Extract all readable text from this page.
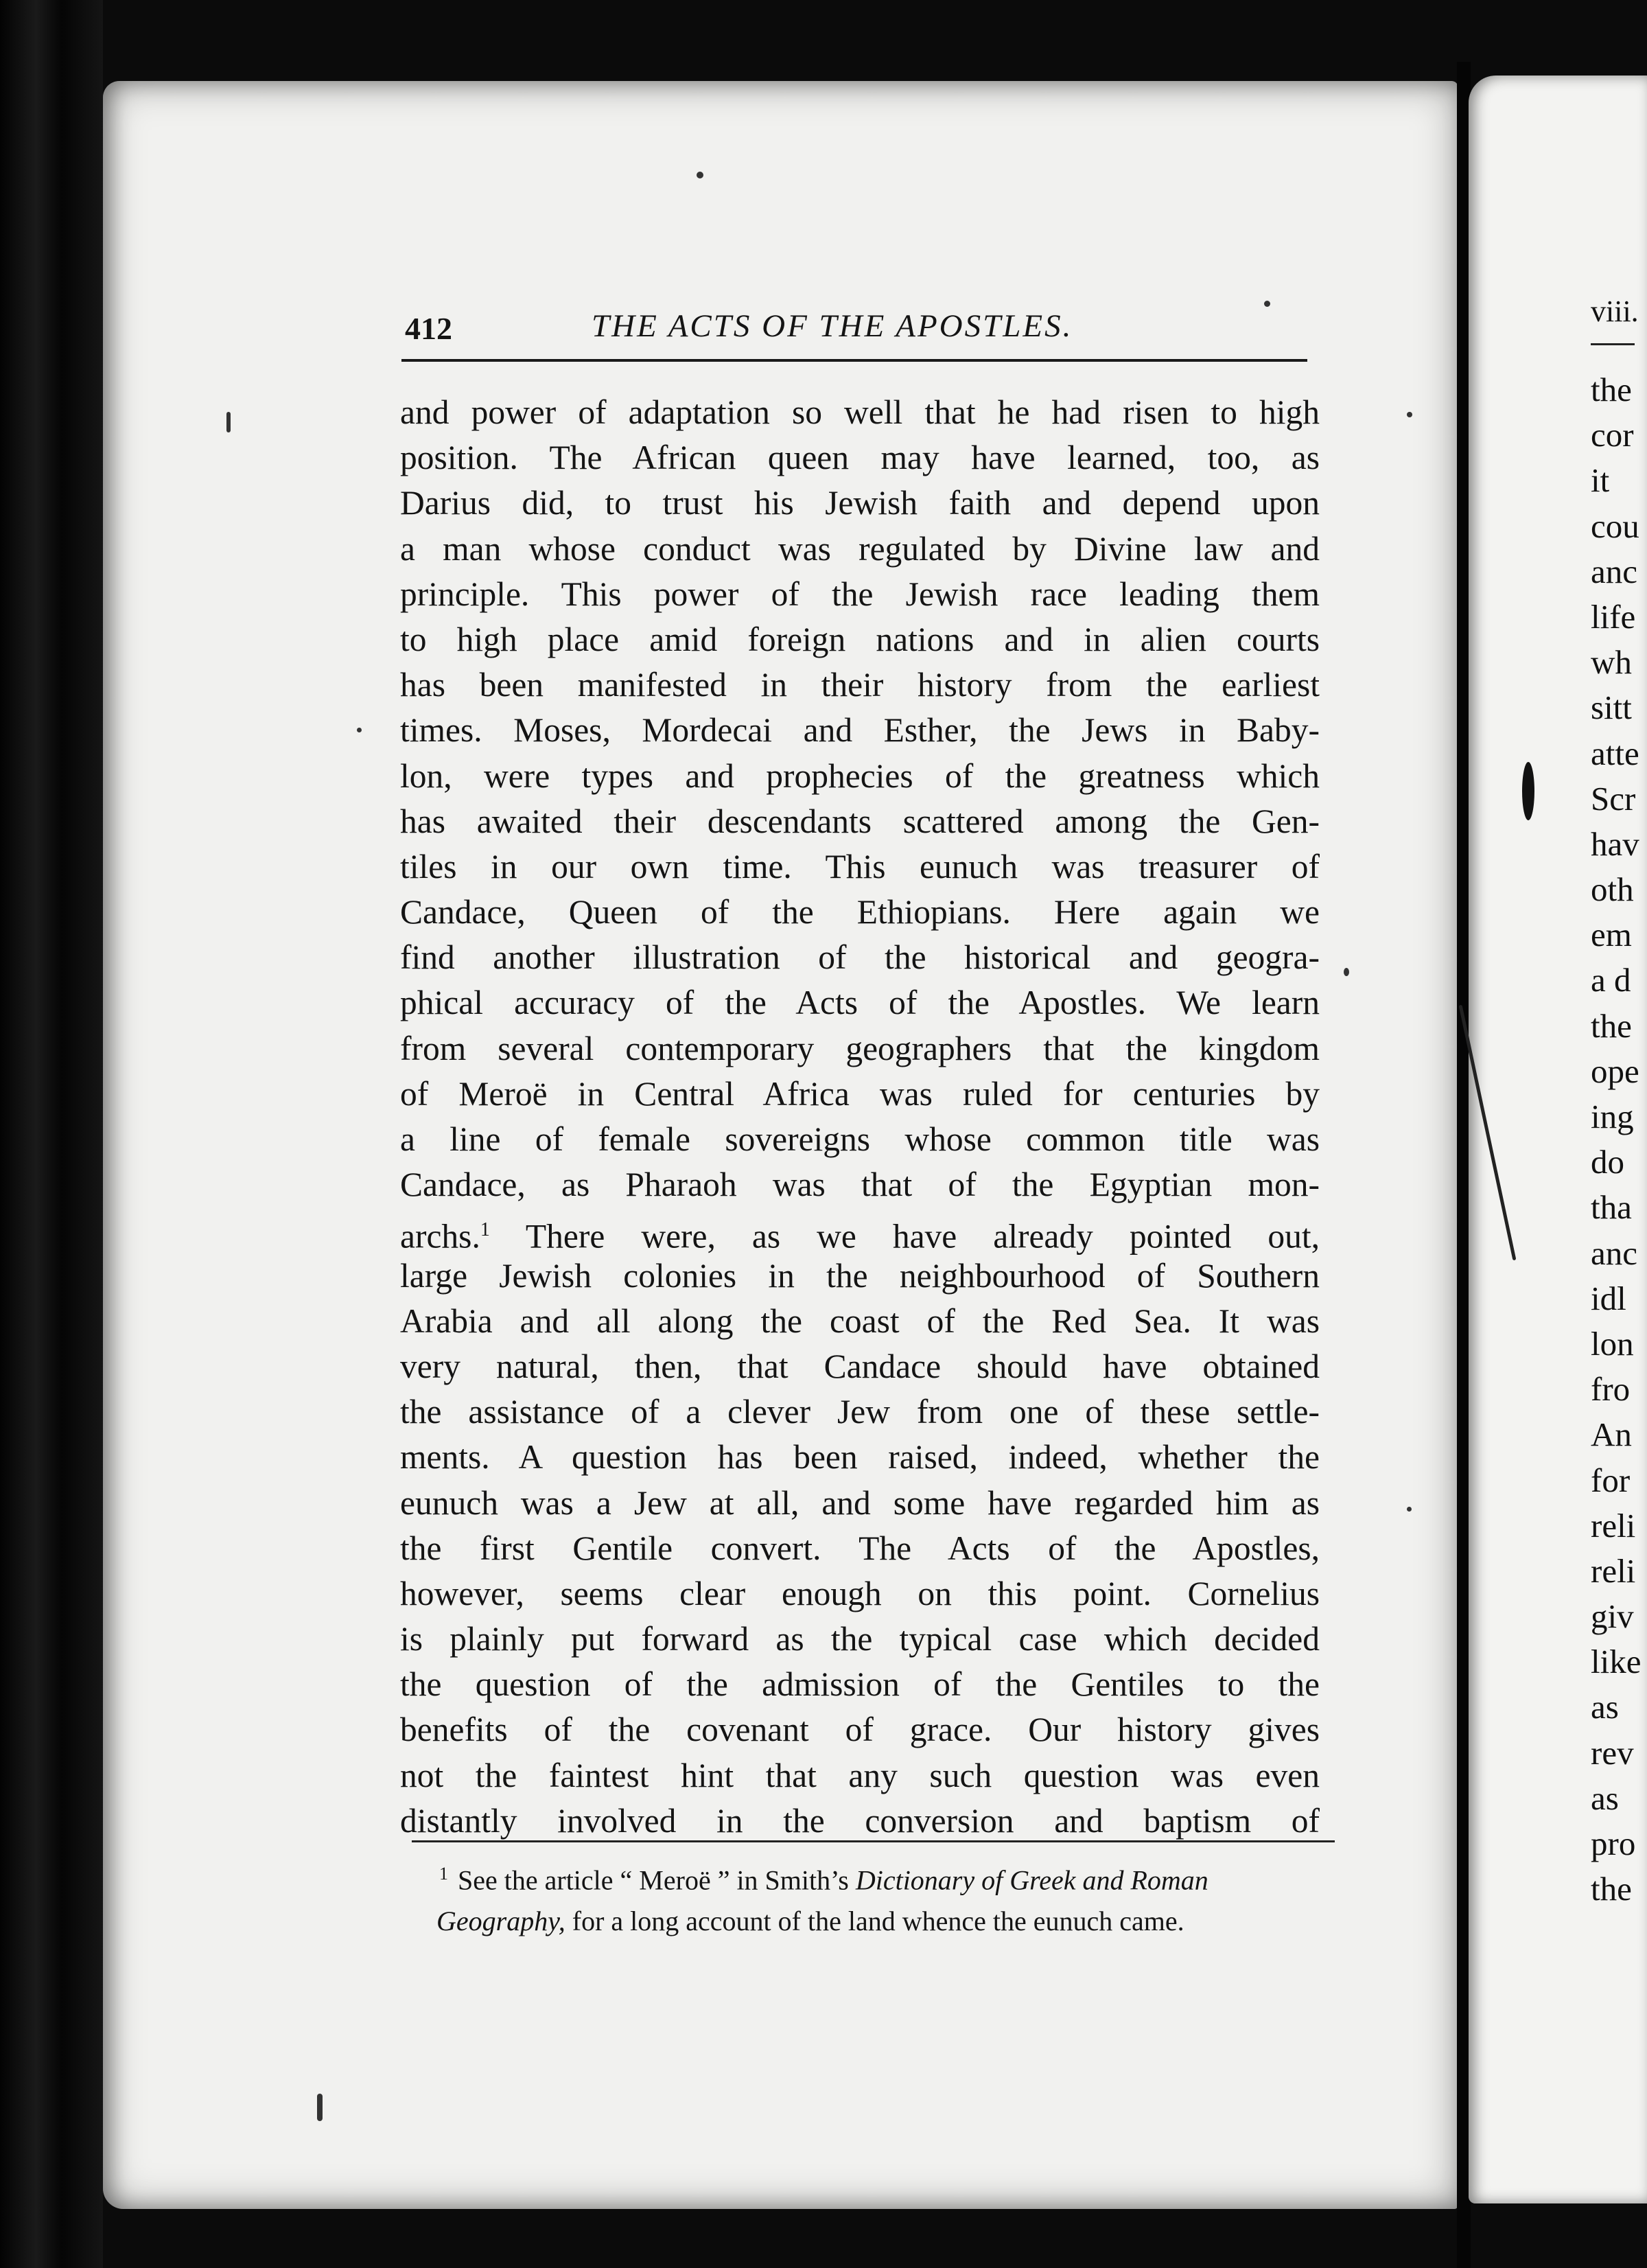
412	THE ACTS OF THE APOSTLES.
and power of adaptation so well that he had risen to high
position. The African queen may have learned, too, as
Darius did, to trust his Jewish faith and depend upon
a man whose conduct was regulated by Divine law and
principle. This power of the Jewish race leading them
to high place amid foreign nations and in alien courts
has been manifested in their history from the earliest
times. Moses, Mordecai and Esther, the Jews in Baby-
lon, were types and prophecies of the greatness which
has awaited their descendants scattered among the Gen-
tiles in our own time. This eunuch was treasurer of
Candace, Queen of the Ethiopians. Here again we
find another illustration of the historical and geogra-
phical accuracy of the Acts of the Apostles. We learn
from several contemporary geographers that the kingdom
of Meroë in Central Africa was ruled for centuries by
a line of female sovereigns whose common title was
Candace, as Pharaoh was that of the Egyptian mon-
archs.$^1$ There were, as we have already pointed out,
large Jewish colonies in the neighbourhood of Southern
Arabia and all along the coast of the Red Sea. It was
very natural, then, that Candace should have obtained
the assistance of a clever Jew from one of these settle-
ments. A question has been raised, indeed, whether the
eunuch was a Jew at all, and some have regarded him as
the first Gentile convert. The Acts of the Apostles,
however, seems clear enough on this point. Cornelius
is plainly put forward as the typical case which decided
the question of the admission of the Gentiles to the
benefits of the covenant of grace. Our history gives
not the faintest hint that any such question was even
distantly involved in the conversion and baptism of
$^1$ See the article “ Meroë ” in Smith’s Dictionary of Greek and Roman
Geography, for a long account of the land whence the eunuch came.
viii.
the
cor
it
cou
anc
life
wh
sitt
atte
Scr
hav
oth
em
a d
the
ope
ing
do
tha
anc
idl
lon
fro
An
for
reli
reli
giv
like
as
rev
as
pro
the
